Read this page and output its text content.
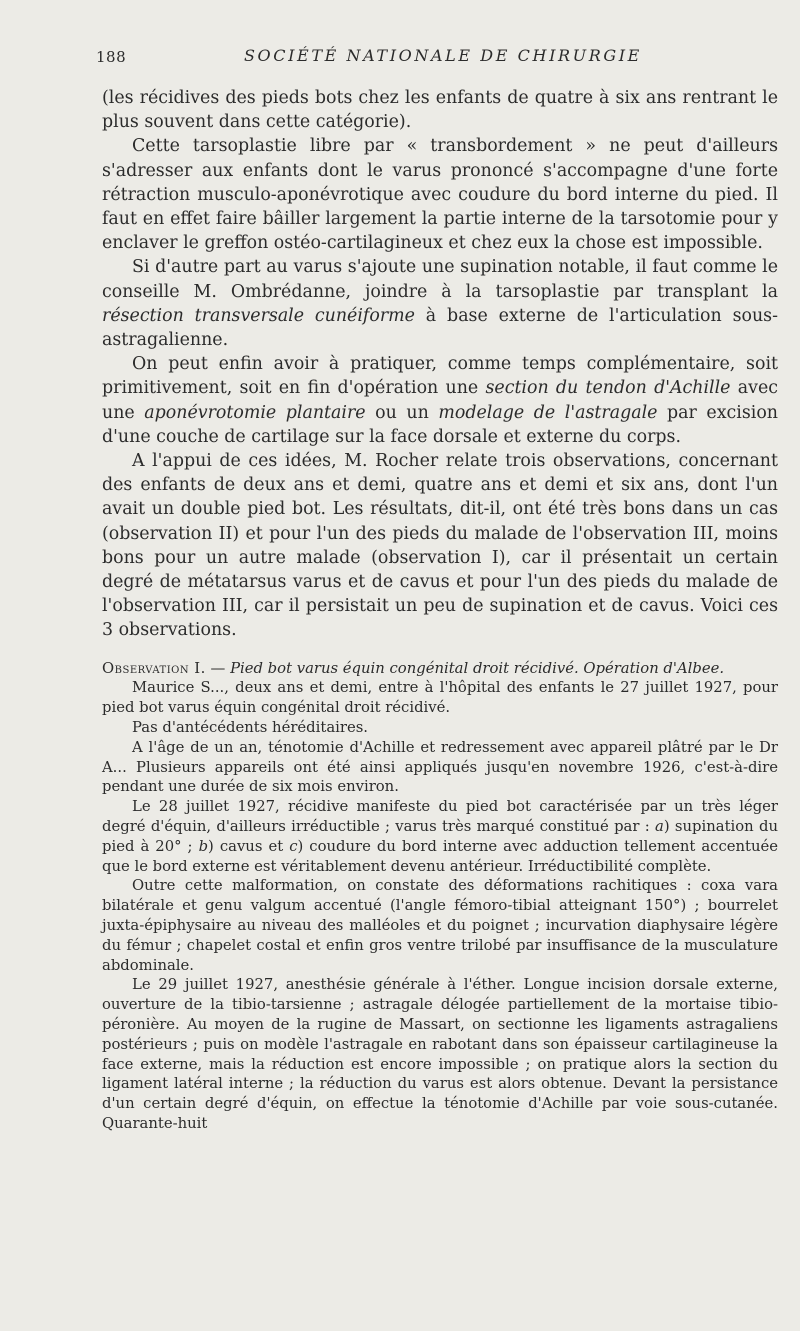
188	SOCIÉTÉ NATIONALE DE CHIRURGIE

(les récidives des pieds bots chez les enfants de quatre à six ans rentrant le plus souvent dans cette catégorie).

Cette tarsoplastie libre par « transbordement » ne peut d'ailleurs s'adresser aux enfants dont le varus prononcé s'accompagne d'une forte rétraction musculo-aponévrotique avec coudure du bord interne du pied. Il faut en effet faire bâiller largement la partie interne de la tarsotomie pour y enclaver le greffon ostéo-cartilagineux et chez eux la chose est impossible.

Si d'autre part au varus s'ajoute une supination notable, il faut comme le conseille M. Ombrédanne, joindre à la tarsoplastie par transplant la résection transversale cunéiforme à base externe de l'articulation sous-astragalienne.

On peut enfin avoir à pratiquer, comme temps complémentaire, soit primitivement, soit en fin d'opération une section du tendon d'Achille avec une aponévrotomie plantaire ou un modelage de l'astragale par excision d'une couche de cartilage sur la face dorsale et externe du corps.

A l'appui de ces idées, M. Rocher relate trois observations, concernant des enfants de deux ans et demi, quatre ans et demi et six ans, dont l'un avait un double pied bot. Les résultats, dit-il, ont été très bons dans un cas (observation II) et pour l'un des pieds du malade de l'observation III, moins bons pour un autre malade (observation I), car il présentait un certain degré de métatarsus varus et de cavus et pour l'un des pieds du malade de l'observation III, car il persistait un peu de supination et de cavus. Voici ces 3 observations.

Observation I. — Pied bot varus équin congénital droit récidivé. Opération d'Albee.

Maurice S..., deux ans et demi, entre à l'hôpital des enfants le 27 juillet 1927, pour pied bot varus équin congénital droit récidivé.

Pas d'antécédents héréditaires.

A l'âge de un an, ténotomie d'Achille et redressement avec appareil plâtré par le Dr A... Plusieurs appareils ont été ainsi appliqués jusqu'en novembre 1926, c'est-à-dire pendant une durée de six mois environ.

Le 28 juillet 1927, récidive manifeste du pied bot caractérisée par un très léger degré d'équin, d'ailleurs irréductible ; varus très marqué constitué par : a) supination du pied à 20° ; b) cavus et c) coudure du bord interne avec adduction tellement accentuée que le bord externe est véritablement devenu antérieur. Irréductibilité complète.

Outre cette malformation, on constate des déformations rachitiques : coxa vara bilatérale et genu valgum accentué (l'angle fémoro-tibial atteignant 150°) ; bourrelet juxta-épiphysaire au niveau des malléoles et du poignet ; incurvation diaphysaire légère du fémur ; chapelet costal et enfin gros ventre trilobé par insuffisance de la musculature abdominale.

Le 29 juillet 1927, anesthésie générale à l'éther. Longue incision dorsale externe, ouverture de la tibio-tarsienne ; astragale délogée partiellement de la mortaise tibio-péronière. Au moyen de la rugine de Massart, on sectionne les ligaments astragaliens postérieurs ; puis on modèle l'astragale en rabotant dans son épaisseur cartilagineuse la face externe, mais la réduction est encore impossible ; on pratique alors la section du ligament latéral interne ; la réduction du varus est alors obtenue. Devant la persistance d'un certain degré d'équin, on effectue la ténotomie d'Achille par voie sous-cutanée. Quarante-huit
